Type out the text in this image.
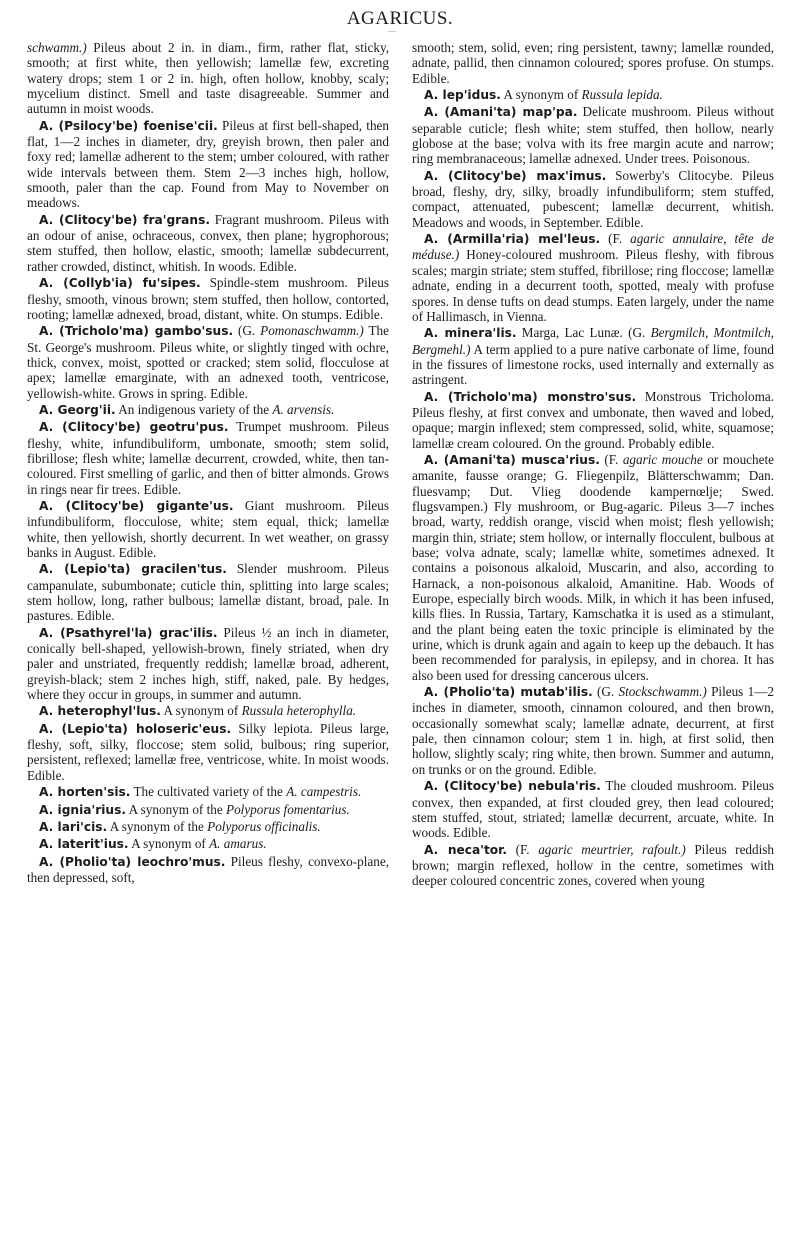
AGARICUS.

schwamm.) Pileus about 2 in. in diam., firm, rather flat, sticky, smooth; at first white, then yellowish; lamellæ few, excreting watery drops; stem 1 or 2 in. high, often hollow, knobby, scaly; mycelium distinct. Smell and taste disagreeable. Summer and autumn in moist woods.

A. (Psilocy'be) foenise'cii. Pileus at first bell-shaped, then flat, 1—2 inches in diameter, dry, greyish brown, then paler and foxy red; lamellæ adherent to the stem; umber coloured, with rather wide intervals between them. Stem 2—3 inches high, hollow, smooth, paler than the cap. Found from May to November on meadows.

A. (Clitocy'be) fra'grans. Fragrant mushroom. Pileus with an odour of anise, ochraceous, convex, then plane; hygrophorous; stem stuffed, then hollow, elastic, smooth; lamellæ subdecurrent, rather crowded, distinct, whitish. In woods. Edible.

A. (Collyb'ia) fu'sipes. Spindle-stem mushroom. Pileus fleshy, smooth, vinous brown; stem stuffed, then hollow, contorted, rooting; lamellæ adnexed, broad, distant, white. On stumps. Edible.

A. (Tricholo'ma) gambo'sus. (G. Pomonaschwamm.) The St. George's mushroom. Pileus white, or slightly tinged with ochre, thick, convex, moist, spotted or cracked; stem solid, flocculose at apex; lamellæ emarginate, with an adnexed tooth, ventricose, yellowish-white. Grows in spring. Edible.

A. Georg'ii. An indigenous variety of the A. arvensis.

A. (Clitocy'be) geotru'pus. Trumpet mushroom. Pileus fleshy, white, infundibuliform, umbonate, smooth; stem solid, fibrillose; flesh white; lamellæ decurrent, crowded, white, then tan-coloured. First smelling of garlic, and then of bitter almonds. Grows in rings near fir trees. Edible.

A. (Clitocy'be) gigante'us. Giant mushroom. Pileus infundibuliform, flocculose, white; stem equal, thick; lamellæ white, then yellowish, shortly decurrent. In wet weather, on grassy banks in August. Edible.

A. (Lepio'ta) gracilen'tus. Slender mushroom. Pileus campanulate, subumbonate; cuticle thin, splitting into large scales; stem hollow, long, rather bulbous; lamellæ distant, broad, pale. In pastures. Edible.

A. (Psathyrel'la) grac'ilis. Pileus ½ an inch in diameter, conically bell-shaped, yellowish-brown, finely striated, when dry paler and unstriated, frequently reddish; lamellæ broad, adherent, greyish-black; stem 2 inches high, stiff, naked, pale. By hedges, where they occur in groups, in summer and autumn.

A. heterophyl'lus. A synonym of Russula heterophylla.

A. (Lepio'ta) holoseric'eus. Silky lepiota. Pileus large, fleshy, soft, silky, floccose; stem solid, bulbous; ring superior, persistent, reflexed; lamellæ free, ventricose, white. In moist woods. Edible.

A. horten'sis. The cultivated variety of the A. campestris.

A. ignia'rius. A synonym of the Polyporus fomentarius.

A. lari'cis. A synonym of the Polyporus officinalis.

A. laterit'ius. A synonym of A. amarus.

A. (Pholio'ta) leochro'mus. Pileus fleshy, convexo-plane, then depressed, soft,

smooth; stem, solid, even; ring persistent, tawny; lamellæ rounded, adnate, pallid, then cinnamon coloured; spores profuse. On stumps. Edible.

A. lep'idus. A synonym of Russula lepida.

A. (Amani'ta) map'pa. Delicate mushroom. Pileus without separable cuticle; flesh white; stem stuffed, then hollow, nearly globose at the base; volva with its free margin acute and narrow; ring membranaceous; lamellæ adnexed. Under trees. Poisonous.

A. (Clitocy'be) max'imus. Sowerby's Clitocybe. Pileus broad, fleshy, dry, silky, broadly infundibuliform; stem stuffed, compact, attenuated, pubescent; lamellæ decurrent, whitish. Meadows and woods, in September. Edible.

A. (Armilla'ria) mel'leus. (F. agaric annulaire, tête de méduse.) Honey-coloured mushroom. Pileus fleshy, with fibrous scales; margin striate; stem stuffed, fibrillose; ring floccose; lamellæ adnate, ending in a decurrent tooth, spotted, mealy with profuse spores. In dense tufts on dead stumps. Eaten largely, under the name of Hallimasch, in Vienna.

A. minera'lis. Marga, Lac Lunæ. (G. Bergmilch, Montmilch, Bergmehl.) A term applied to a pure native carbonate of lime, found in the fissures of limestone rocks, used internally and externally as astringent.

A. (Tricholo'ma) monstro'sus. Monstrous Tricholoma. Pileus fleshy, at first convex and umbonate, then waved and lobed, opaque; margin inflexed; stem compressed, solid, white, squamose; lamellæ cream coloured. On the ground. Probably edible.

A. (Amani'ta) musca'rius. (F. agaric mouche or mouchete amanite, fausse orange; G. Fliegenpilz, Blätterschwamm; Dan. fluesvamp; Dut. Vlieg doodende kampernœlje; Swed. flugsvampen.) Fly mushroom, or Bug-agaric. Pileus 3—7 inches broad, warty, reddish orange, viscid when moist; flesh yellowish; margin thin, striate; stem hollow, or internally flocculent, bulbous at base; volva adnate, scaly; lamellæ white, sometimes adnexed. It contains a poisonous alkaloid, Muscarin, and also, according to Harnack, a non-poisonous alkaloid, Amanitine. Hab. Woods of Europe, especially birch woods. Milk, in which it has been infused, kills flies. In Russia, Tartary, Kamschatka it is used as a stimulant, and the plant being eaten the toxic principle is eliminated by the urine, which is drunk again and again to keep up the debauch. It has been recommended for paralysis, in epilepsy, and in chorea. It has also been used for dressing cancerous ulcers.

A. (Pholio'ta) mutab'ilis. (G. Stockschwamm.) Pileus 1—2 inches in diameter, smooth, cinnamon coloured, and then brown, occasionally somewhat scaly; lamellæ adnate, decurrent, at first pale, then cinnamon colour; stem 1 in. high, at first solid, then hollow, slightly scaly; ring white, then brown. Summer and autumn, on trunks or on the ground. Edible.

A. (Clitocy'be) nebula'ris. The clouded mushroom. Pileus convex, then expanded, at first clouded grey, then lead coloured; stem stuffed, stout, striated; lamellæ decurrent, arcuate, white. In woods. Edible.

A. neca'tor. (F. agaric meurtrier, rafoult.) Pileus reddish brown; margin reflexed, hollow in the centre, sometimes with deeper coloured concentric zones, covered when young
